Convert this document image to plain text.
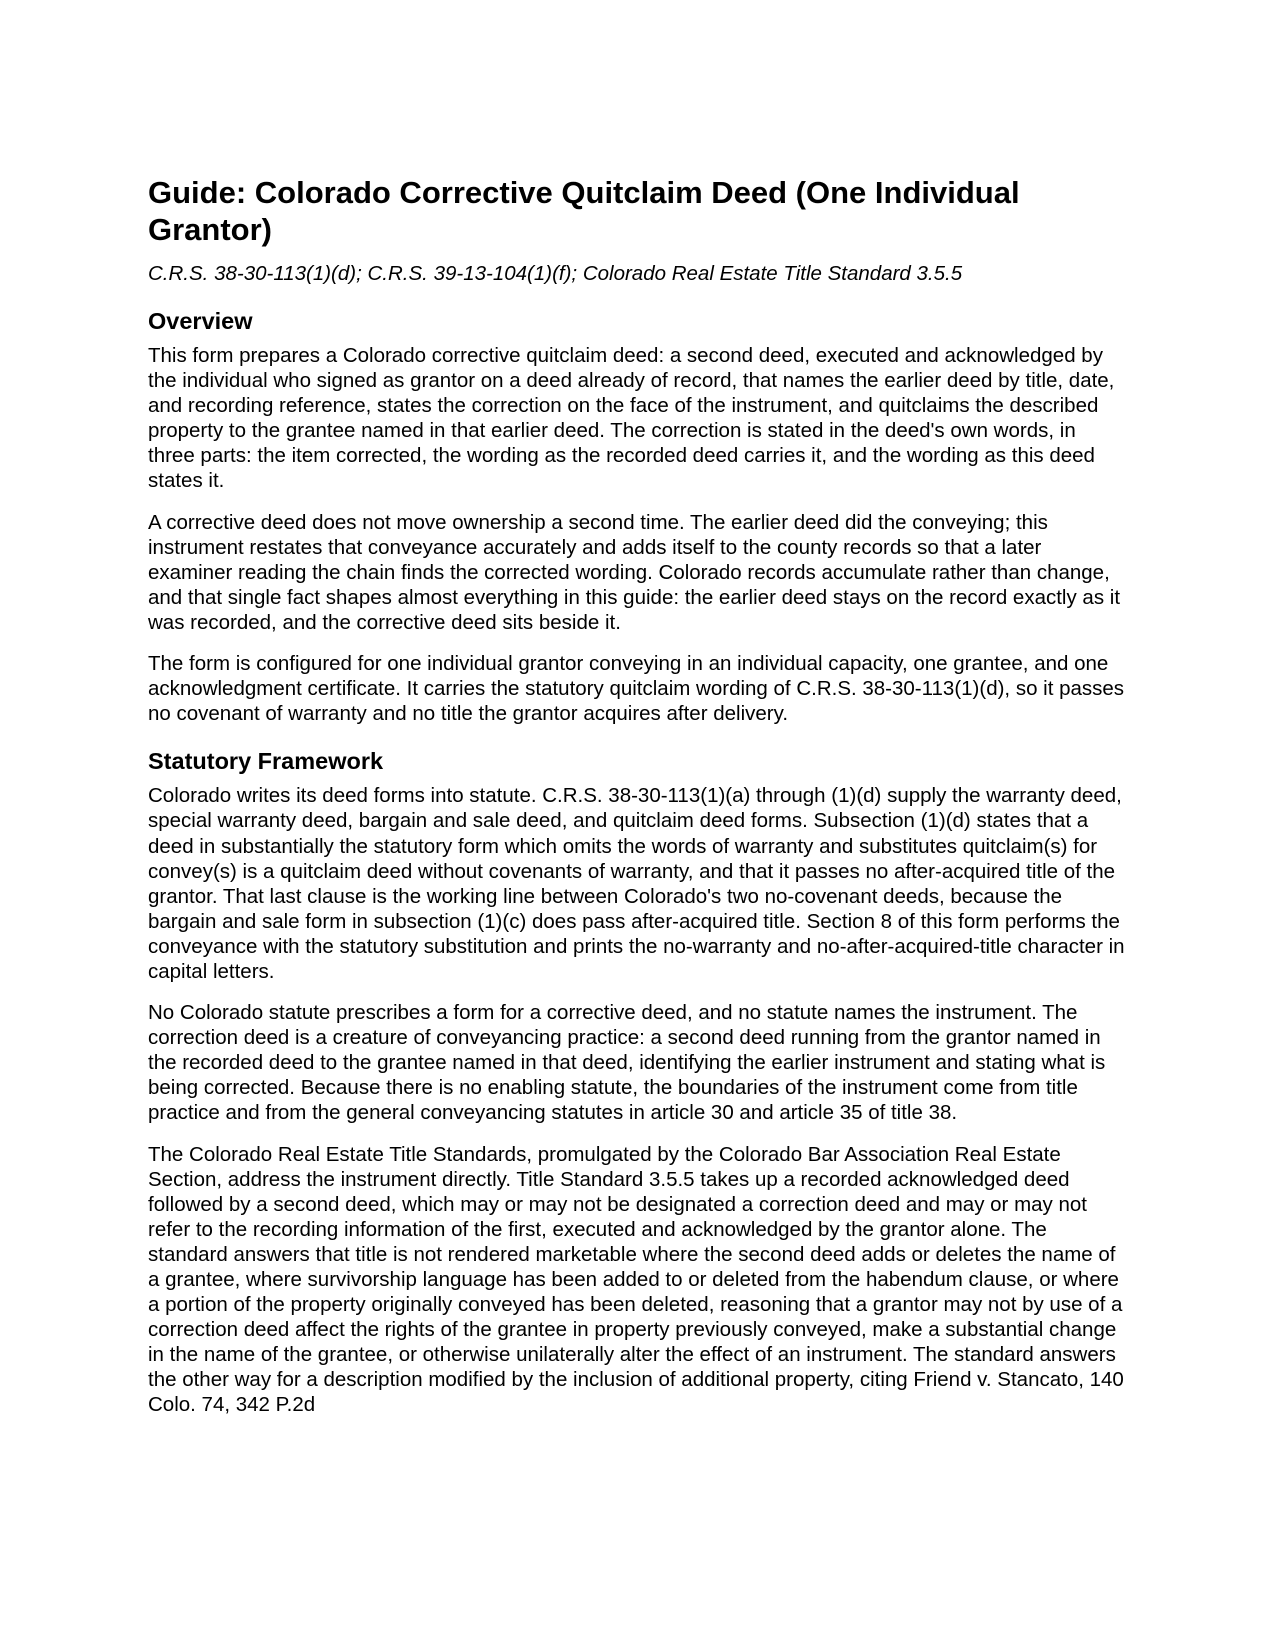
Guide: Colorado Corrective Quitclaim Deed (One Individual Grantor)

C.R.S. 38-30-113(1)(d); C.R.S. 39-13-104(1)(f); Colorado Real Estate Title Standard 3.5.5

Overview

This form prepares a Colorado corrective quitclaim deed: a second deed, executed and acknowledged by the individual who signed as grantor on a deed already of record, that names the earlier deed by title, date, and recording reference, states the correction on the face of the instrument, and quitclaims the described property to the grantee named in that earlier deed. The correction is stated in the deed's own words, in three parts: the item corrected, the wording as the recorded deed carries it, and the wording as this deed states it.

A corrective deed does not move ownership a second time. The earlier deed did the conveying; this instrument restates that conveyance accurately and adds itself to the county records so that a later examiner reading the chain finds the corrected wording. Colorado records accumulate rather than change, and that single fact shapes almost everything in this guide: the earlier deed stays on the record exactly as it was recorded, and the corrective deed sits beside it.

The form is configured for one individual grantor conveying in an individual capacity, one grantee, and one acknowledgment certificate. It carries the statutory quitclaim wording of C.R.S. 38-30-113(1)(d), so it passes no covenant of warranty and no title the grantor acquires after delivery.

Statutory Framework

Colorado writes its deed forms into statute. C.R.S. 38-30-113(1)(a) through (1)(d) supply the warranty deed, special warranty deed, bargain and sale deed, and quitclaim deed forms. Subsection (1)(d) states that a deed in substantially the statutory form which omits the words of warranty and substitutes quitclaim(s) for convey(s) is a quitclaim deed without covenants of warranty, and that it passes no after-acquired title of the grantor. That last clause is the working line between Colorado's two no-covenant deeds, because the bargain and sale form in subsection (1)(c) does pass after-acquired title. Section 8 of this form performs the conveyance with the statutory substitution and prints the no-warranty and no-after-acquired-title character in capital letters.

No Colorado statute prescribes a form for a corrective deed, and no statute names the instrument. The correction deed is a creature of conveyancing practice: a second deed running from the grantor named in the recorded deed to the grantee named in that deed, identifying the earlier instrument and stating what is being corrected. Because there is no enabling statute, the boundaries of the instrument come from title practice and from the general conveyancing statutes in article 30 and article 35 of title 38.

The Colorado Real Estate Title Standards, promulgated by the Colorado Bar Association Real Estate Section, address the instrument directly. Title Standard 3.5.5 takes up a recorded acknowledged deed followed by a second deed, which may or may not be designated a correction deed and may or may not refer to the recording information of the first, executed and acknowledged by the grantor alone. The standard answers that title is not rendered marketable where the second deed adds or deletes the name of a grantee, where survivorship language has been added to or deleted from the habendum clause, or where a portion of the property originally conveyed has been deleted, reasoning that a grantor may not by use of a correction deed affect the rights of the grantee in property previously conveyed, make a substantial change in the name of the grantee, or otherwise unilaterally alter the effect of an instrument. The standard answers the other way for a description modified by the inclusion of additional property, citing Friend v. Stancato, 140 Colo. 74, 342 P.2d
